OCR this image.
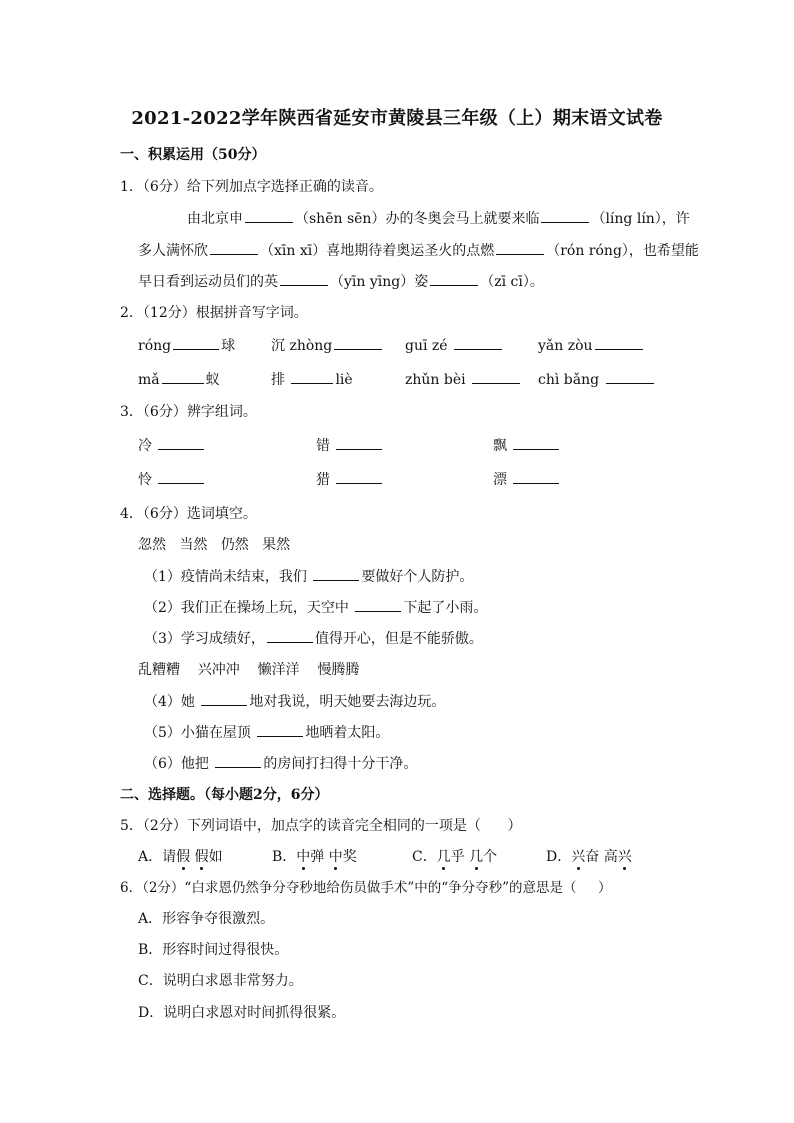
2021-2022学年陕西省延安市黄陵县三年级（上）期末语文试卷
一、积累运用（50分）
1．（6分）给下列加点字选择正确的读音。
由北京申	（shēn sēn）办的冬奥会马上就要来临	（líng lín），许
多人满怀欣	（xīn xī）喜地期待着奥运圣火的点燃	（rón róng），也希望能
早日看到运动员们的英	（yīn yīng）姿	（zī cī）。
2．（12分）根据拼音写字词。
róng	球	沉 zhòng	guī zé	yǎn zòu
mǎ	蚁	排	liè	zhǔn bèi	chì bǎng
3．（6分）辨字组词。
冷	错	飘
怜	猎	漂
4．（6分）选词填空。
忽然 当然 仍然 果然
（1）疫情尚未结束，我们	要做好个人防护。
（2）我们正在操场上玩，天空中	下起了小雨。
（3）学习成绩好，	值得开心，但是不能骄傲。
乱糟糟 兴冲冲 懒洋洋 慢腾腾
（4）她	地对我说，明天她要去海边玩。
（5）小猫在屋顶	地晒着太阳。
（6）他把	的房间打扫得十分干净。
二、选择题。（每小题2分，6分）
5．（2分）下列词语中，加点字的读音完全相同的一项是（ ）
A．请假 假如	B．中弹 中奖	C．几乎 几个	D．兴奋 高兴
6．（2分）“白求恩仍然争分夺秒地给伤员做手术”中的“争分夺秒”的意思是（ ）
A．形容争夺很激烈。
B．形容时间过得很快。
C．说明白求恩非常努力。
D．说明白求恩对时间抓得很紧。
